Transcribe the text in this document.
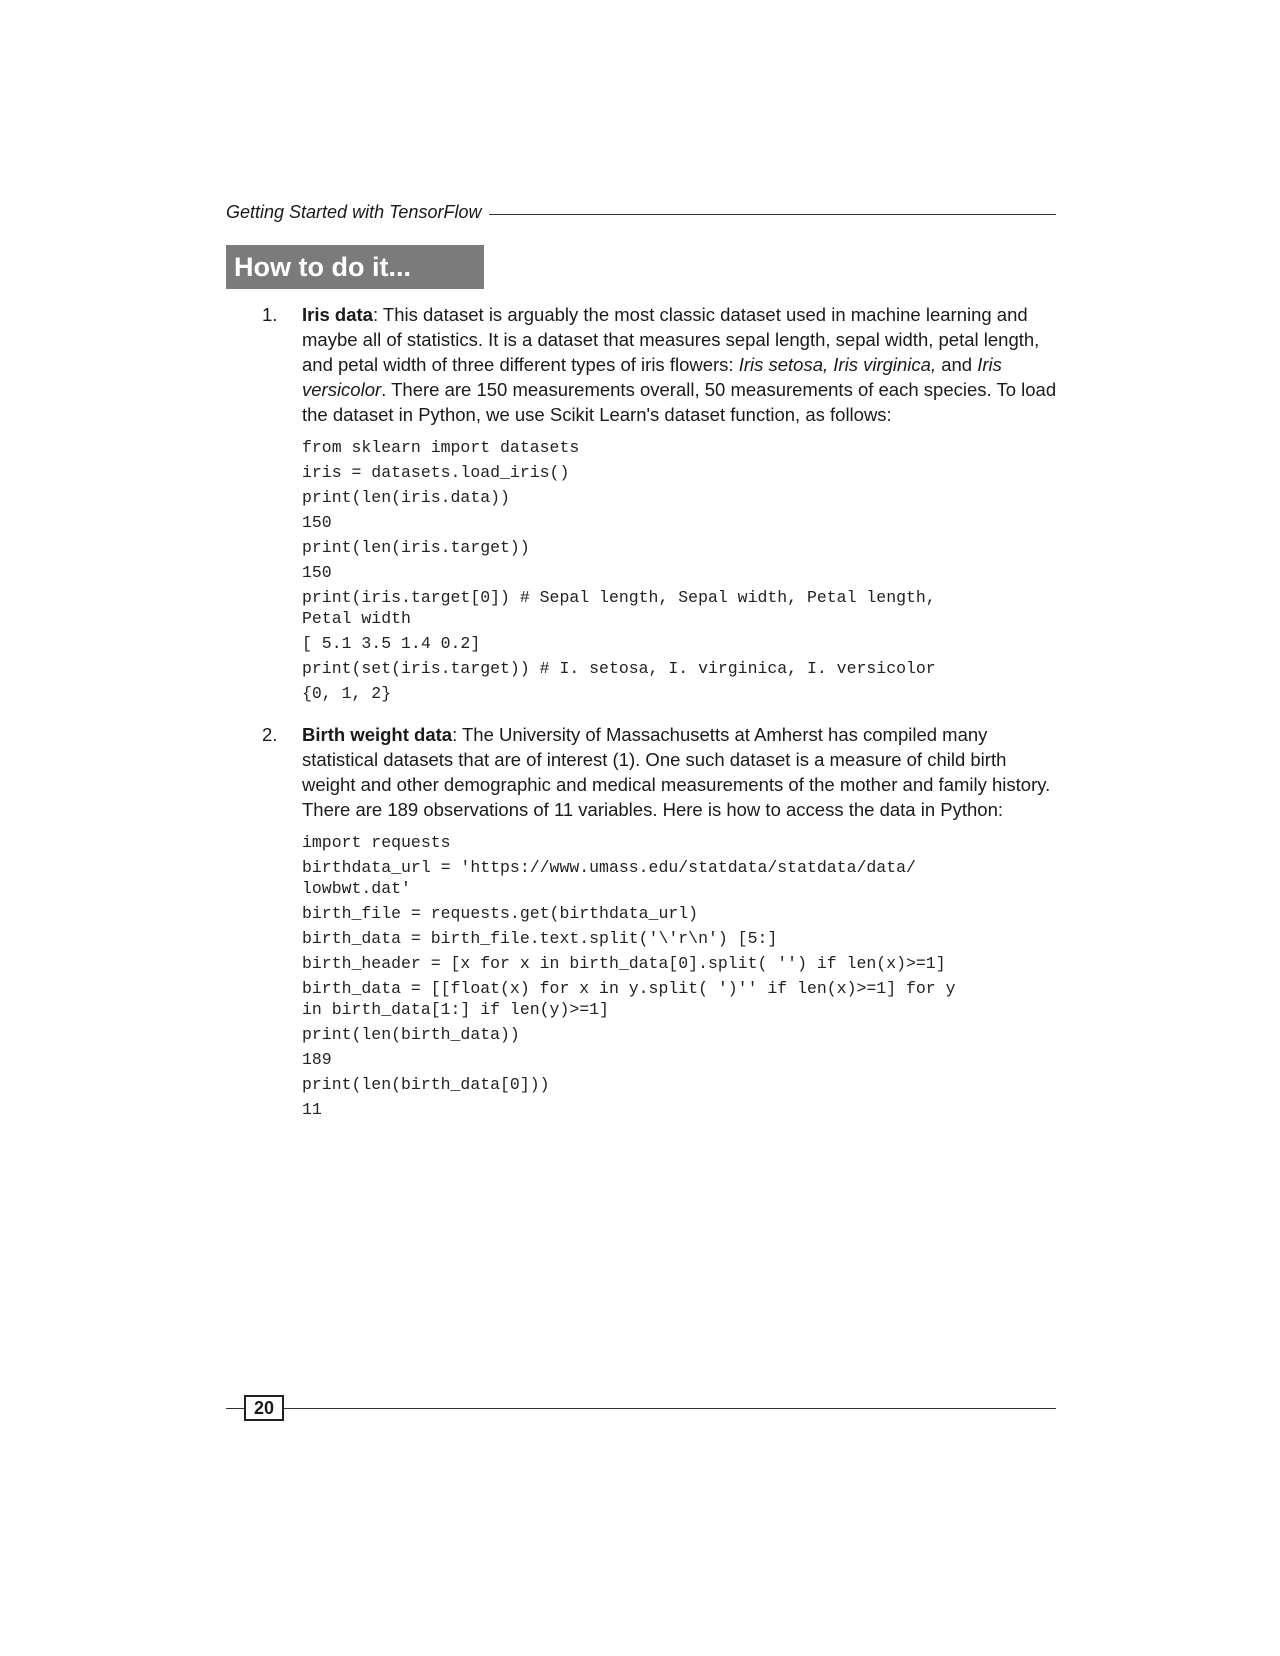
Getting Started with TensorFlow
How to do it...
1. Iris data: This dataset is arguably the most classic dataset used in machine learning and maybe all of statistics. It is a dataset that measures sepal length, sepal width, petal length, and petal width of three different types of iris flowers: Iris setosa, Iris virginica, and Iris versicolor. There are 150 measurements overall, 50 measurements of each species. To load the dataset in Python, we use Scikit Learn's dataset function, as follows:

from sklearn import datasets
iris = datasets.load_iris()
print(len(iris.data))
150
print(len(iris.target))
150
print(iris.target[0]) # Sepal length, Sepal width, Petal length,
Petal width
[ 5.1 3.5 1.4 0.2]
print(set(iris.target)) # I. setosa, I. virginica, I. versicolor
{0, 1, 2}
2. Birth weight data: The University of Massachusetts at Amherst has compiled many statistical datasets that are of interest (1). One such dataset is a measure of child birth weight and other demographic and medical measurements of the mother and family history. There are 189 observations of 11 variables. Here is how to access the data in Python:

import requests
birthdata_url = 'https://www.umass.edu/statdata/statdata/data/
lowbwt.dat'
birth_file = requests.get(birthdata_url)
birth_data = birth_file.text.split('\'r\n') [5:]
birth_header = [x for x in birth_data[0].split( '') if len(x)>=1]
birth_data = [[float(x) for x in y.split( ')'' if len(x)>=1] for y
in birth_data[1:] if len(y)>=1]
print(len(birth_data))
189
print(len(birth_data[0]))
11
20
